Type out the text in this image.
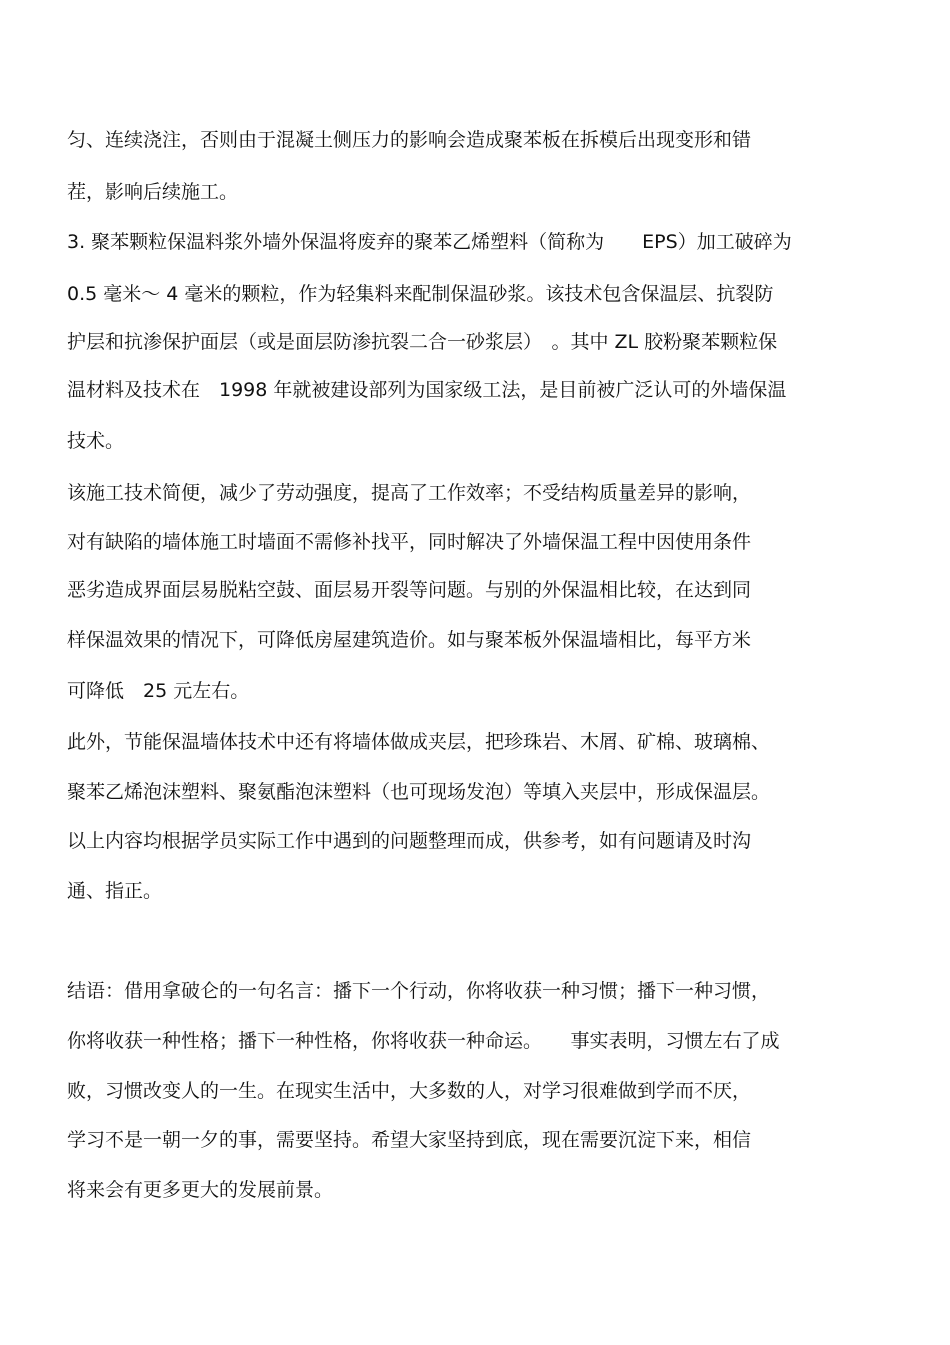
匀、连续浇注，否则由于混凝土侧压力的影响会造成聚苯板在拆模后出现变形和错
茬，影响后续施工。
3. 聚苯颗粒保温料浆外墙外保温将废弃的聚苯乙烯塑料（简称为　　EPS）加工破碎为
0.5 毫米～ 4 毫米的颗粒，作为轻集料来配制保温砂浆。该技术包含保温层、抗裂防
护层和抗渗保护面层（或是面层防渗抗裂二合一砂浆层）　。其中 ZL 胶粉聚苯颗粒保
温材料及技术在　1998 年就被建设部列为国家级工法，是目前被广泛认可的外墙保温
技术。
该施工技术简便，减少了劳动强度，提高了工作效率；不受结构质量差异的影响，
对有缺陷的墙体施工时墙面不需修补找平，同时解决了外墙保温工程中因使用条件
恶劣造成界面层易脱粘空鼓、面层易开裂等问题。与别的外保温相比较，在达到同
样保温效果的情况下，可降低房屋建筑造价。如与聚苯板外保温墙相比，每平方米
可降低　25 元左右。
此外，节能保温墙体技术中还有将墙体做成夹层，把珍珠岩、木屑、矿棉、玻璃棉、
聚苯乙烯泡沫塑料、聚氨酯泡沫塑料（也可现场发泡）等填入夹层中，形成保温层。
以上内容均根据学员实际工作中遇到的问题整理而成，供参考，如有问题请及时沟
通、指正。
结语：借用拿破仑的一句名言：播下一个行动，你将收获一种习惯；播下一种习惯，
你将收获一种性格；播下一种性格，你将收获一种命运。　　事实表明，习惯左右了成
败，习惯改变人的一生。在现实生活中，大多数的人，对学习很难做到学而不厌，
学习不是一朝一夕的事，需要坚持。希望大家坚持到底，现在需要沉淀下来，相信
将来会有更多更大的发展前景。
